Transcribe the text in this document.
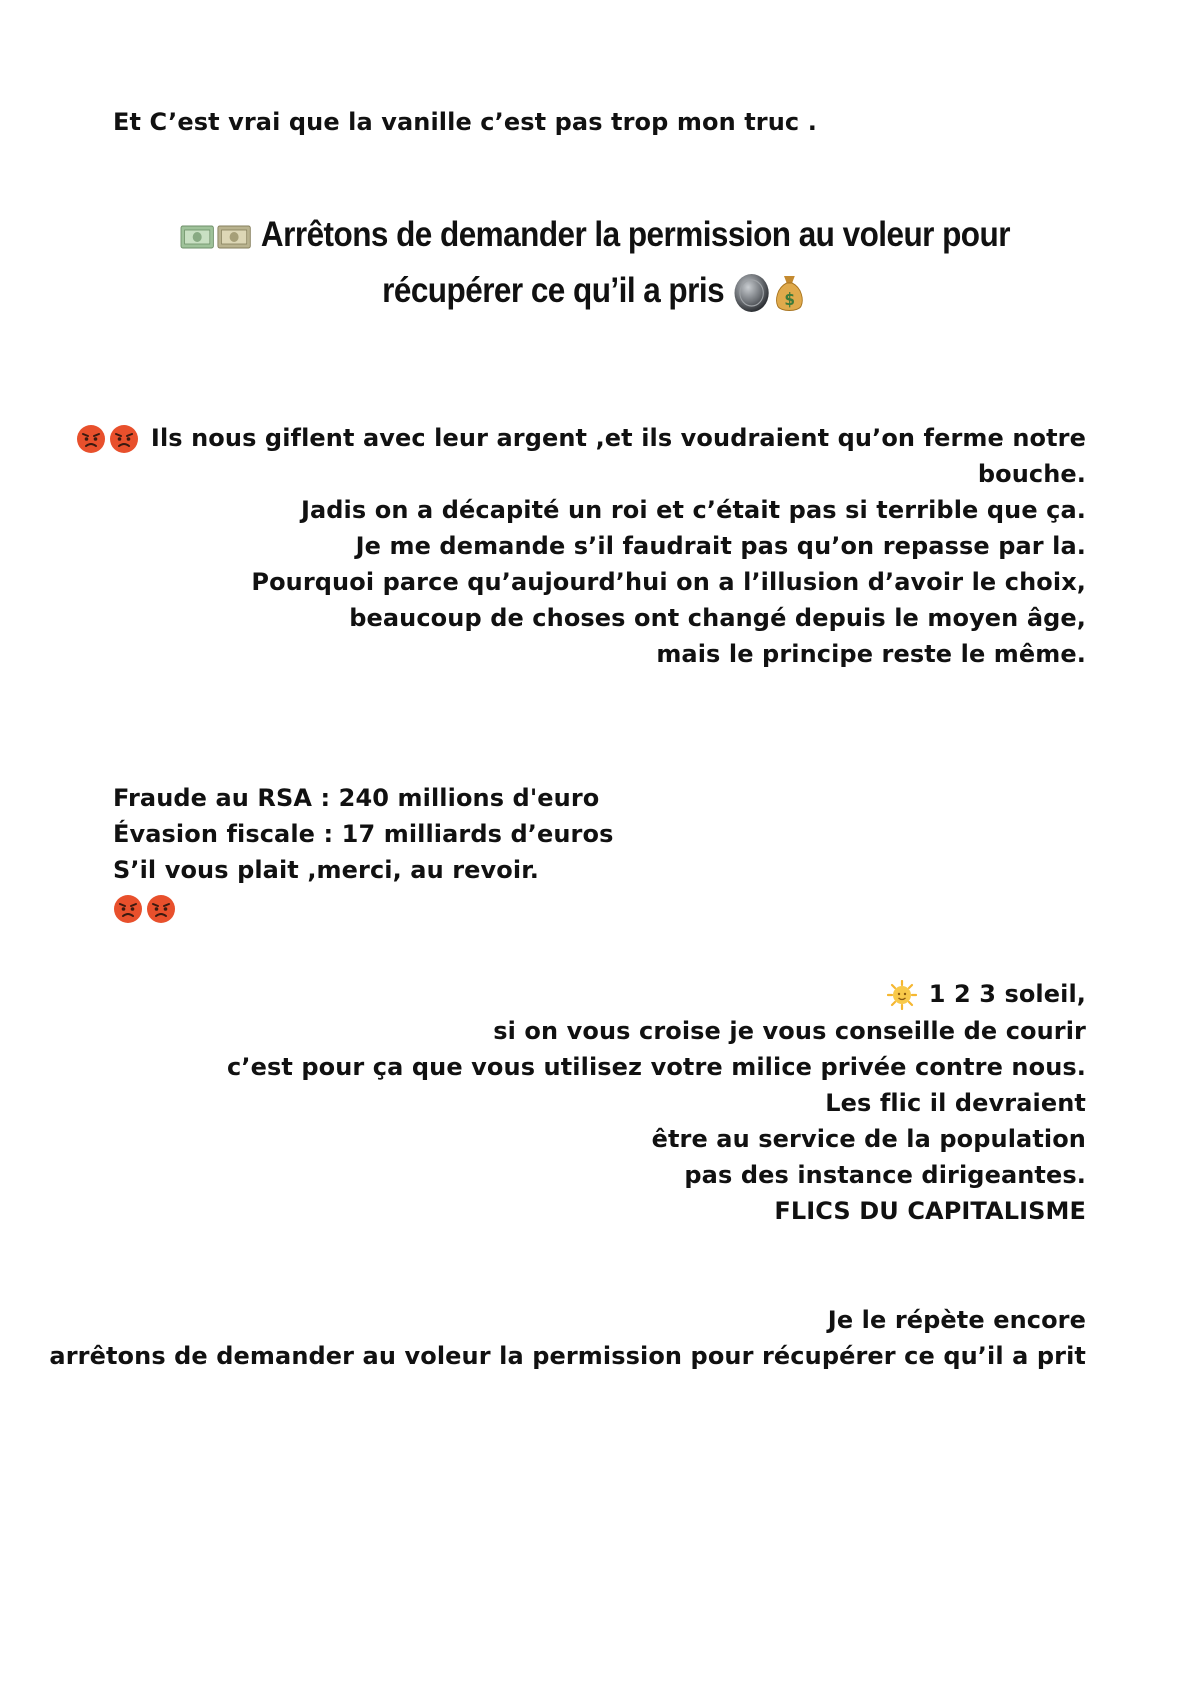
Et C’est vrai que la vanille c’est pas trop mon truc .
Arrêtons de demander la permission au voleur pour
récupérer ce qu’il a pris	$
Ils nous giflent avec leur argent ,et ils voudraient qu’on ferme notre
bouche.
Jadis on a décapité un roi et c’était pas si terrible que ça.
Je me demande s’il faudrait pas qu’on repasse par la.
Pourquoi parce qu’aujourd’hui on a l’illusion d’avoir le choix,
beaucoup de choses ont changé depuis le moyen âge,
mais le principe reste le même.
Fraude au RSA : 240 millions d'euro
Évasion fiscale : 17 milliards d’euros
S’il vous plait ,merci, au revoir.
1 2 3 soleil,
si on vous croise je vous conseille de courir
c’est pour ça que vous utilisez votre milice privée contre nous.
Les flic il devraient
être au service de la population
pas des instance dirigeantes.
FLICS DU CAPITALISME
Je le répète encore
arrêtons de demander au voleur la permission pour récupérer ce qu’il a prit
